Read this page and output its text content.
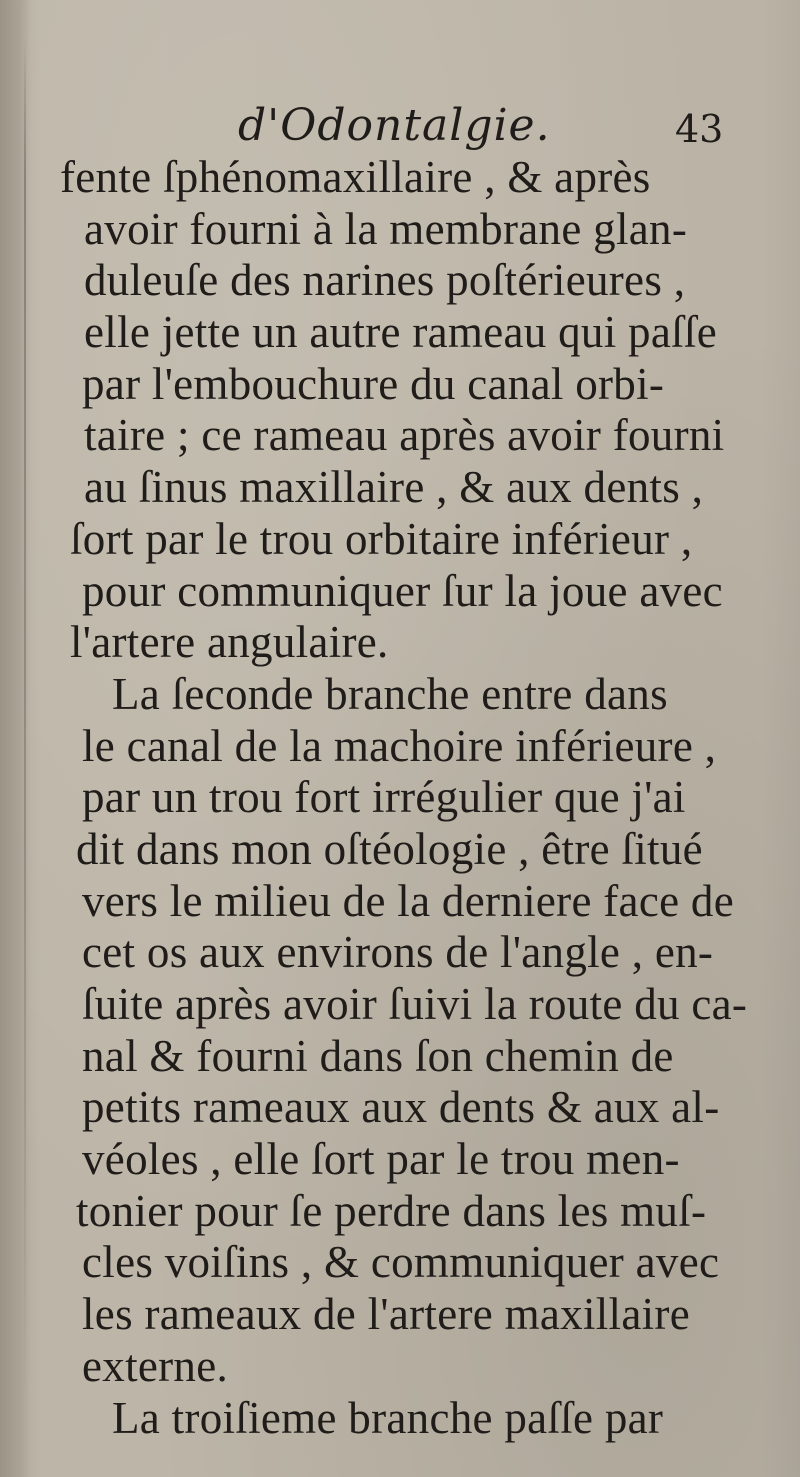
d'Odontalgie.	43
fente ſphénomaxillaire , & après
avoir fourni à la membrane glan-
duleuſe des narines poſtérieures ,
elle jette un autre rameau qui paſſe
par l'embouchure du canal orbi-
taire ; ce rameau après avoir fourni
au ſinus maxillaire , & aux dents ,
ſort par le trou orbitaire inférieur ,
pour communiquer ſur la joue avec
l'artere angulaire.
La ſeconde branche entre dans
le canal de la machoire inférieure ,
par un trou fort irrégulier que j'ai
dit dans mon oſtéologie , être ſitué
vers le milieu de la derniere face de
cet os aux environs de l'angle , en-
ſuite après avoir ſuivi la route du ca-
nal & fourni dans ſon chemin de
petits rameaux aux dents & aux al-
véoles , elle ſort par le trou men-
tonier pour ſe perdre dans les muſ-
cles voiſins , & communiquer avec
les rameaux de l'artere maxillaire
externe.
La troiſieme branche paſſe par
